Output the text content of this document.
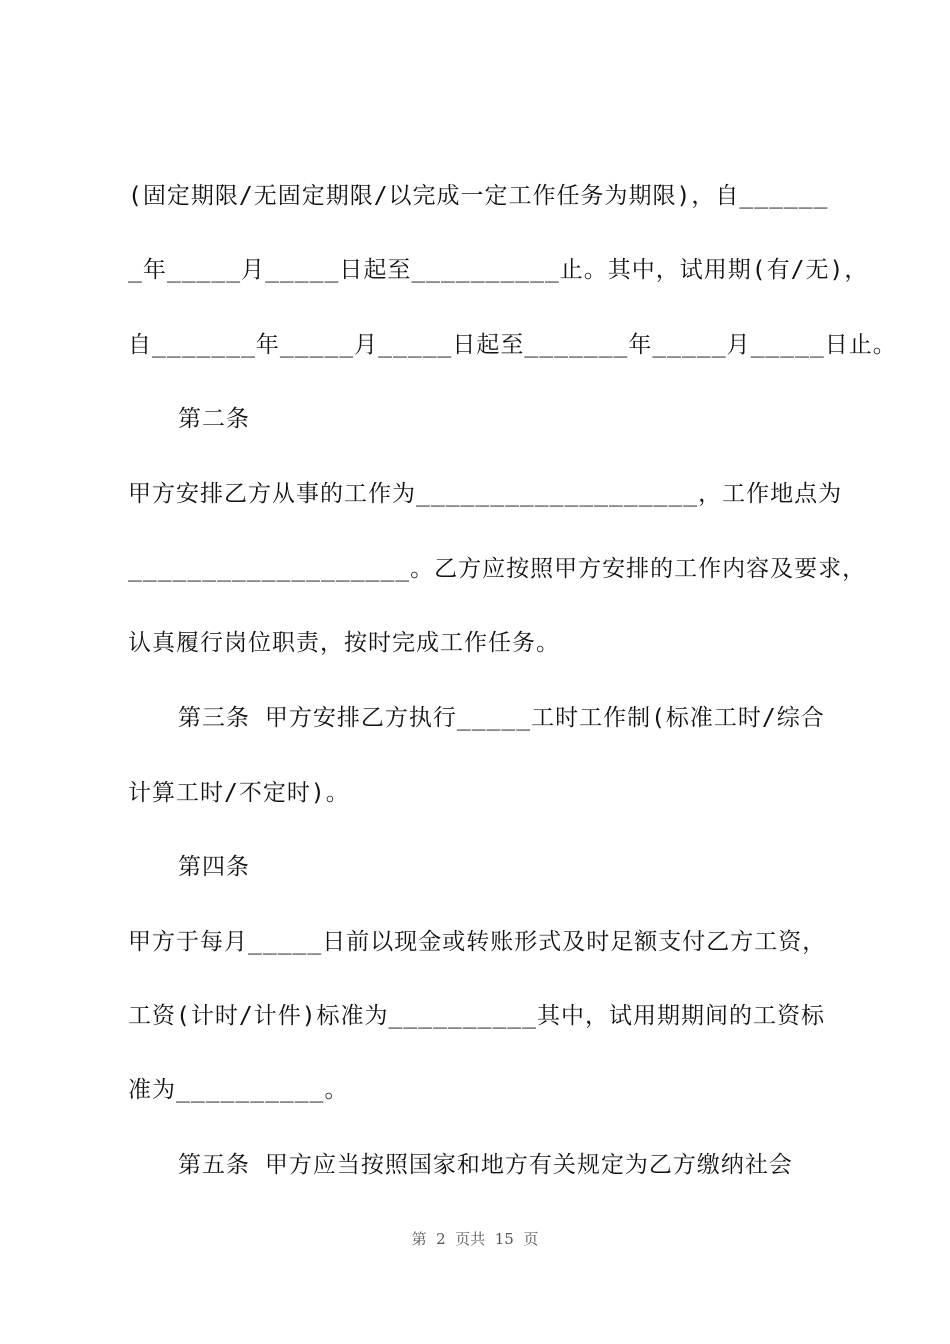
(固定期限/无固定期限/以完成一定工作任务为期限)，自______
_年_____月_____日起至__________止。其中，试用期(有/无)，
自_______年_____月_____日起至_______年_____月_____日止。
第二条
甲方安排乙方从事的工作为___________________，工作地点为
___________________。乙方应按照甲方安排的工作内容及要求，
认真履行岗位职责，按时完成工作任务。
第三条 甲方安排乙方执行_____工时工作制(标准工时/综合
计算工时/不定时)。
第四条
甲方于每月_____日前以现金或转账形式及时足额支付乙方工资，
工资(计时/计件)标准为__________其中，试用期期间的工资标
准为__________。
第五条 甲方应当按照国家和地方有关规定为乙方缴纳社会
第  2  页共  15  页
